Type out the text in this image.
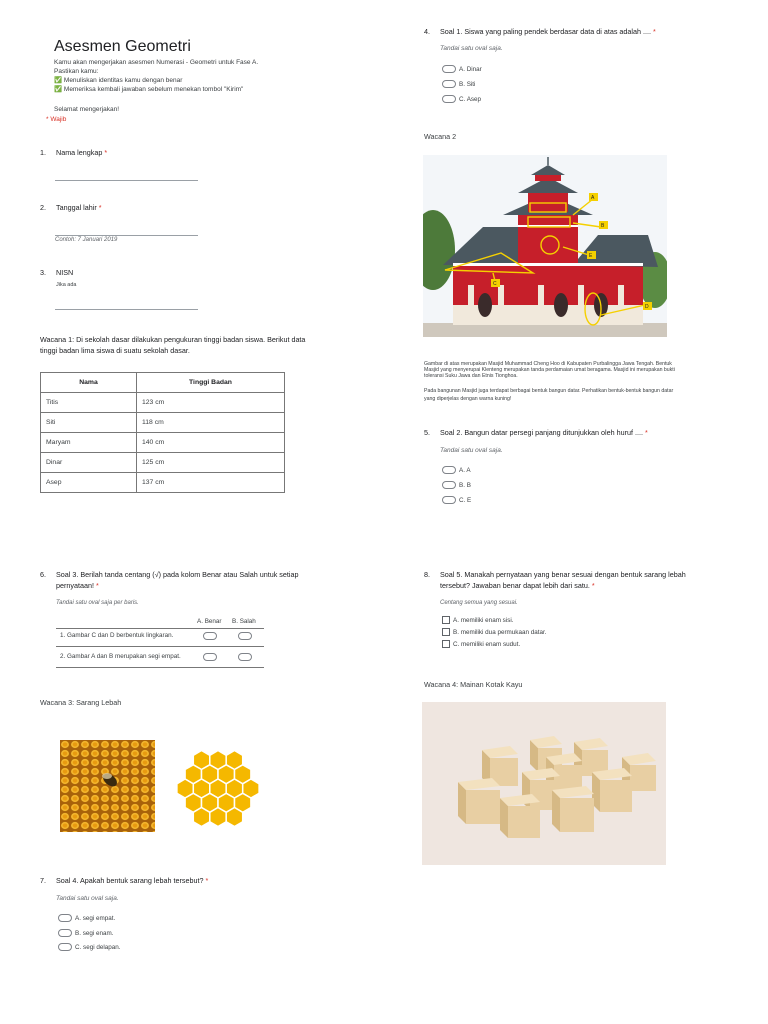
Asesmen Geometri
Kamu akan mengerjakan asesmen Numerasi - Geometri untuk Fase A.
Pastikan kamu:
✅ Menuliskan identitas kamu dengan benar
✅ Memeriksa kembali jawaban sebelum menekan tombol "Kirim"
Selamat mengerjakan!
* Wajib
1. Nama lengkap *
2. Tanggal lahir *
Contoh: 7 Januari 2019
3. NISN
Jika ada
Wacana 1: Di sekolah dasar dilakukan pengukuran tinggi badan siswa. Berikut data
tinggi badan lima siswa di suatu sekolah dasar.
Nama	Tinggi Badan
Titis	123 cm
Siti	118 cm
Maryam	140 cm
Dinar	125 cm
Asep	137 cm
6. Soal 3. Berilah tanda centang (√) pada kolom Benar atau Salah untuk setiap
pernyataan! *
Tandai satu oval saja per baris.
A. Benar B. Salah
1. Gambar C dan D berbentuk lingkaran.
2. Gambar A dan B merupakan segi empat.
Wacana 3: Sarang Lebah
7. Soal 4. Apakah bentuk sarang lebah tersebut? *
Tandai satu oval saja.
A. segi empat.
B. segi enam.
C. segi delapan.
4. Soal 1. Siswa yang paling pendek berdasar data di atas adalah .... *
Tandai satu oval saja.
A. Dinar
B. Siti
C. Asep
Wacana 2
A
B
C
D
E
Gambar di atas merupakan Masjid Muhammad Cheng Hoo di Kabupaten Purbalingga Jawa Tengah. Bentuk
Masjid yang menyerupai Klenteng merupakan tanda perdamaian umat beragama. Masjid ini merupakan bukti
toleransi Suku Jawa dan Etnis Tionghoa.
Pada bangunan Masjid juga terdapat berbagai bentuk bangun datar. Perhatikan bentuk-bentuk bangun datar
yang diperjelas dengan warna kuning!
5. Soal 2. Bangun datar persegi panjang ditunjukkan oleh huruf .... *
Tandai satu oval saja.
A. A
B. B
C. E
8. Soal 5. Manakah pernyataan yang benar sesuai dengan bentuk sarang lebah
tersebut? Jawaban benar dapat lebih dari satu. *
Centang semua yang sesuai.
A. memiliki enam sisi.
B. memiliki dua permukaan datar.
C. memiliki enam sudut.
Wacana 4: Mainan Kotak Kayu
